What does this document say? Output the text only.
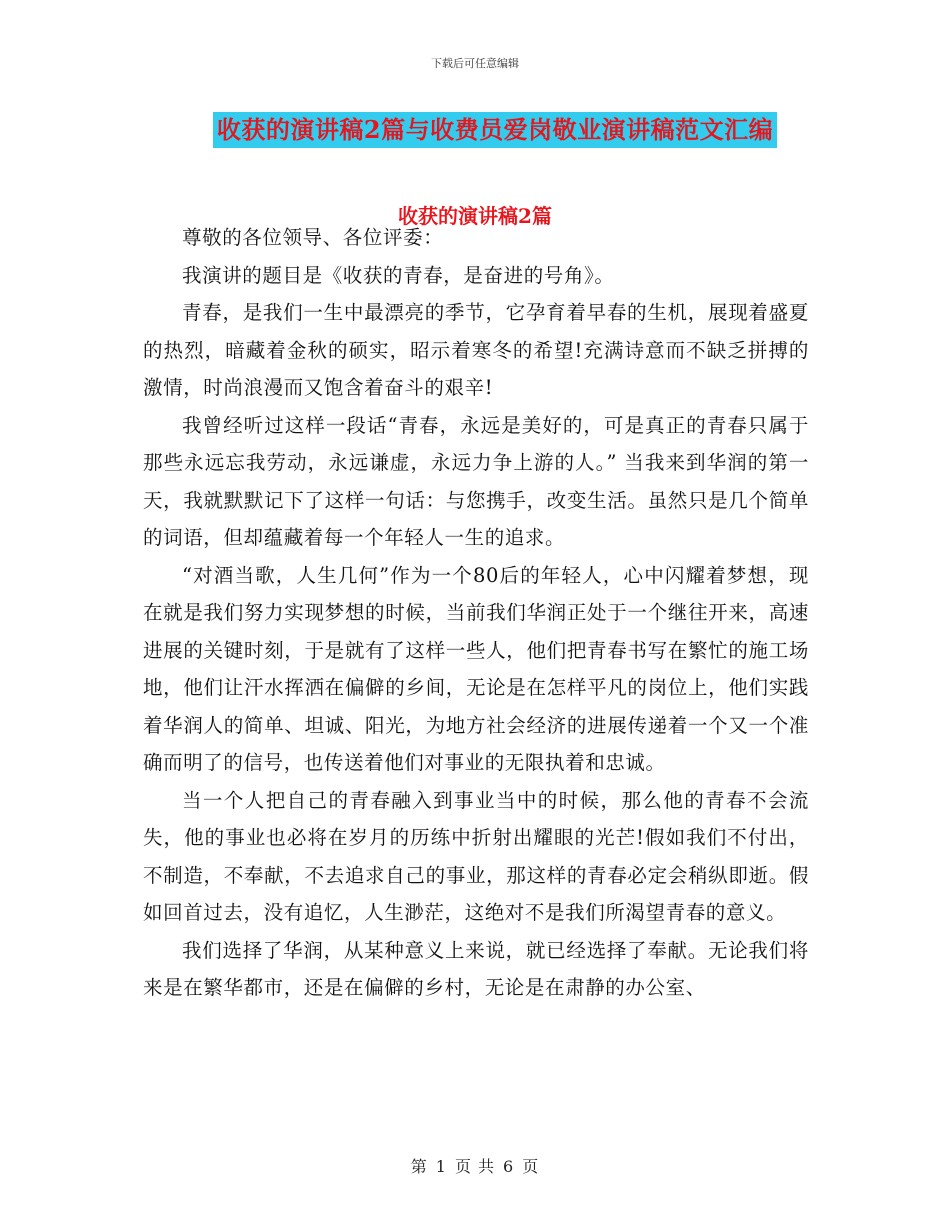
下载后可任意编辑
收获的演讲稿2篇与收费员爱岗敬业演讲稿范文汇编
收获的演讲稿2篇

尊敬的各位领导、各位评委：

我演讲的题目是《收获的青春，是奋进的号角》。

青春，是我们一生中最漂亮的季节，它孕育着早春的生机，展现着盛夏的热烈，暗藏着金秋的硕实，昭示着寒冬的希望!充满诗意而不缺乏拼搏的激情，时尚浪漫而又饱含着奋斗的艰辛!

我曾经听过这样一段话“青春，永远是美好的，可是真正的青春只属于那些永远忘我劳动，永远谦虚，永远力争上游的人。” 当我来到华润的第一天，我就默默记下了这样一句话：与您携手，改变生活。虽然只是几个简单的词语，但却蕴藏着每一个年轻人一生的追求。

“对酒当歌，人生几何”作为一个80后的年轻人，心中闪耀着梦想，现在就是我们努力实现梦想的时候，当前我们华润正处于一个继往开来，高速进展的关键时刻，于是就有了这样一些人，他们把青春书写在繁忙的施工场地，他们让汗水挥洒在偏僻的乡间，无论是在怎样平凡的岗位上，他们实践着华润人的简单、坦诚、阳光，为地方社会经济的进展传递着一个又一个准确而明了的信号，也传送着他们对事业的无限执着和忠诚。

当一个人把自己的青春融入到事业当中的时候，那么他的青春不会流失，他的事业也必将在岁月的历练中折射出耀眼的光芒!假如我们不付出，不制造，不奉献，不去追求自己的事业，那这样的青春必定会稍纵即逝。假如回首过去，没有追忆，人生渺茫，这绝对不是我们所渴望青春的意义。

我们选择了华润，从某种意义上来说，就已经选择了奉献。无论我们将来是在繁华都市，还是在偏僻的乡村，无论是在肃静的办公室、

第 1 页 共 6 页
